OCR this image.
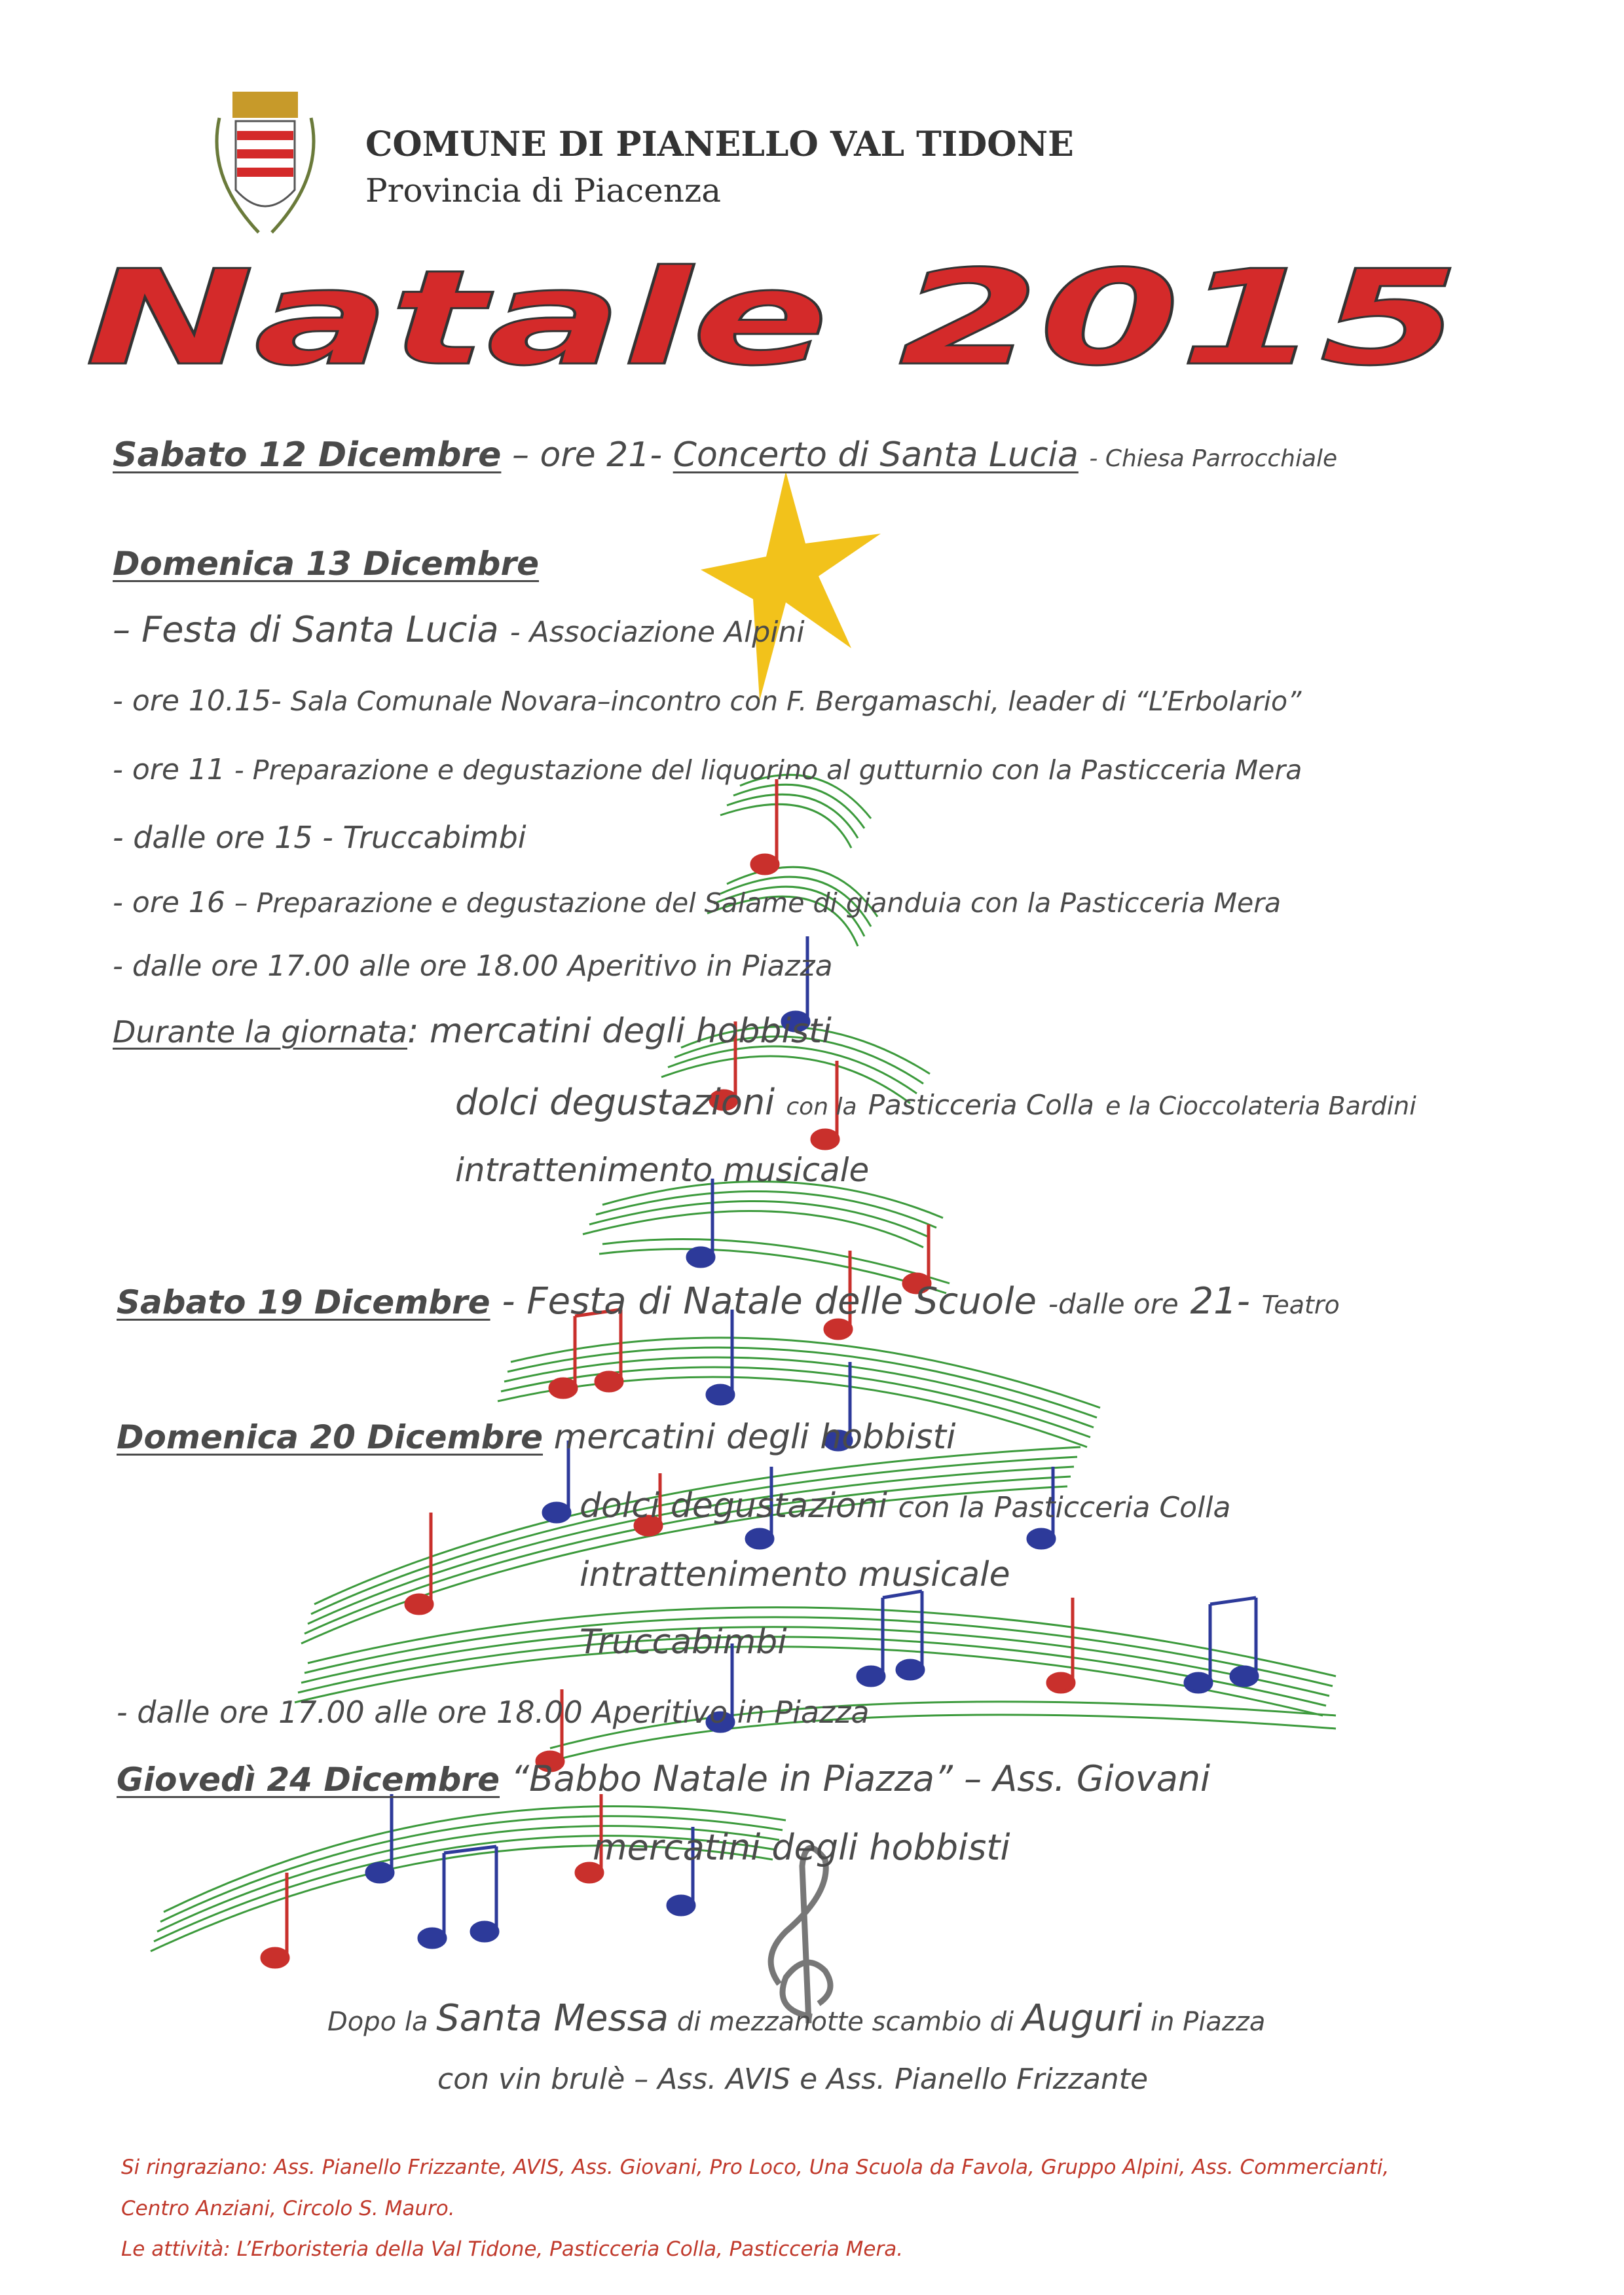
COMUNE DI PIANELLO VAL TIDONE
Provincia di Piacenza
Natale 2015
Sabato 12 Dicembre – ore 21- Concerto di Santa Lucia - Chiesa Parrocchiale
Domenica 13 Dicembre
– Festa di Santa Lucia - Associazione Alpini
- ore 10.15- Sala Comunale Novara–incontro con F. Bergamaschi, leader di “L’Erbolario”
- ore 11 - Preparazione e degustazione del liquorino al gutturnio con la Pasticceria Mera
- dalle ore 15 - Truccabimbi
- ore 16 – Preparazione e degustazione del Salame di gianduia con la Pasticceria Mera
- dalle ore 17.00 alle ore 18.00 Aperitivo in Piazza
Durante la giornata: mercatini degli hobbisti
dolci degustazioni con la Pasticceria Colla e la Cioccolateria Bardini
intrattenimento musicale
Sabato 19 Dicembre - Festa di Natale delle Scuole -dalle ore 21- Teatro
Domenica 20 Dicembre mercatini degli hobbisti
dolci degustazioni con la Pasticceria Colla
intrattenimento musicale
Truccabimbi
- dalle ore 17.00 alle ore 18.00 Aperitivo in Piazza
Giovedì 24 Dicembre “Babbo Natale in Piazza” – Ass. Giovani
mercatini degli hobbisti
Dopo la Santa Messa di mezzanotte scambio di Auguri in Piazza
con vin brulè – Ass. AVIS e Ass. Pianello Frizzante
Si ringraziano: Ass. Pianello Frizzante, AVIS, Ass. Giovani, Pro Loco, Una Scuola da Favola, Gruppo Alpini, Ass. Commercianti,
Centro Anziani, Circolo S. Mauro.
Le attività: L’Erboristeria della Val Tidone, Pasticceria Colla, Pasticceria Mera.
